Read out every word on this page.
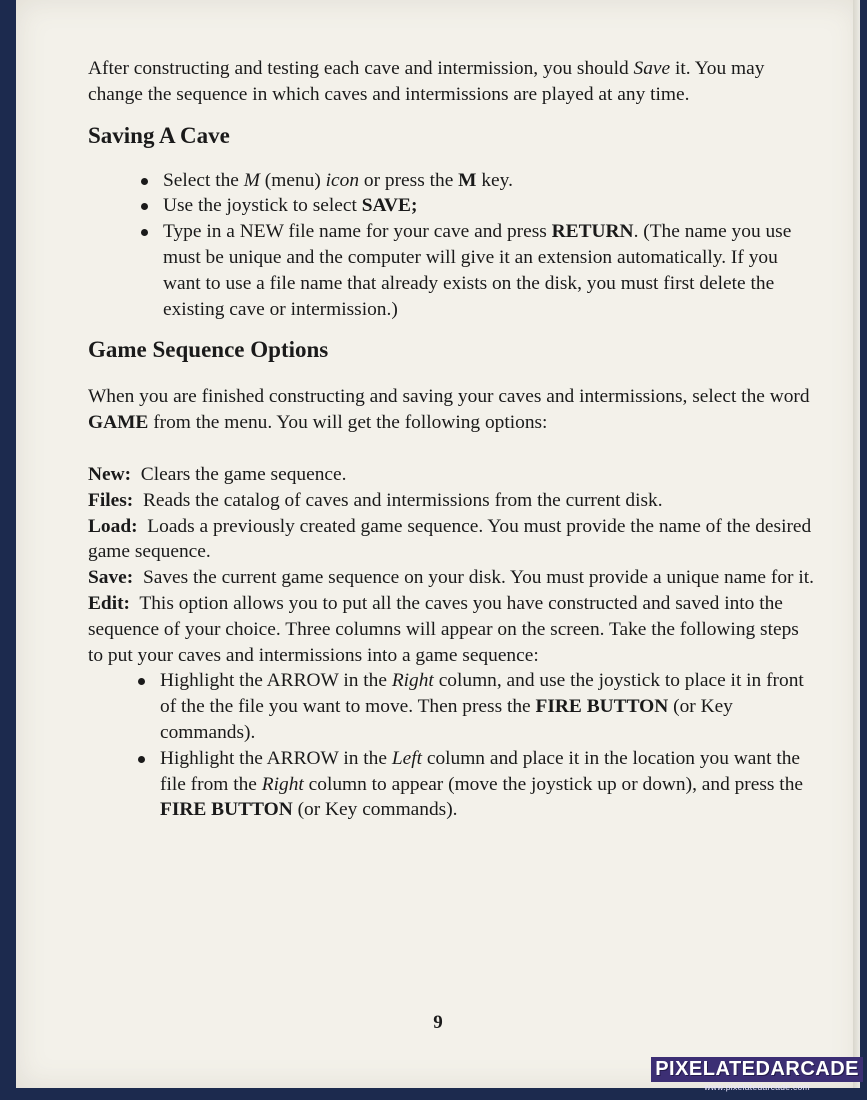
After constructing and testing each cave and intermission, you should Save it. You may change the sequence in which caves and intermissions are played at any time.

Saving A Cave
Select the M (menu) icon or press the M key.
Use the joystick to select SAVE;
Type in a NEW file name for your cave and press RETURN. (The name you use must be unique and the computer will give it an extension automatically. If you want to use a file name that already exists on the disk, you must first delete the existing cave or intermission.)
Game Sequence Options

When you are finished constructing and saving your caves and intermissions, select the word GAME from the menu. You will get the following options:

New: Clears the game sequence.

Files: Reads the catalog of caves and intermissions from the current disk.

Load: Loads a previously created game sequence. You must provide the name of the desired game sequence.

Save: Saves the current game sequence on your disk. You must provide a unique name for it.

Edit: This option allows you to put all the caves you have constructed and saved into the sequence of your choice. Three columns will appear on the screen. Take the following steps to put your caves and intermissions into a game sequence:

Highlight the ARROW in the Right column, and use the joystick to place it in front of the the file you want to move. Then press the FIRE BUTTON (or Key commands).
Highlight the ARROW in the Left column and place it in the location you want the file from the Right column to appear (move the joystick up or down), and press the FIRE BUTTON (or Key commands).
9
PIXELATEDARCADE
www.pixelatedarcade.com
